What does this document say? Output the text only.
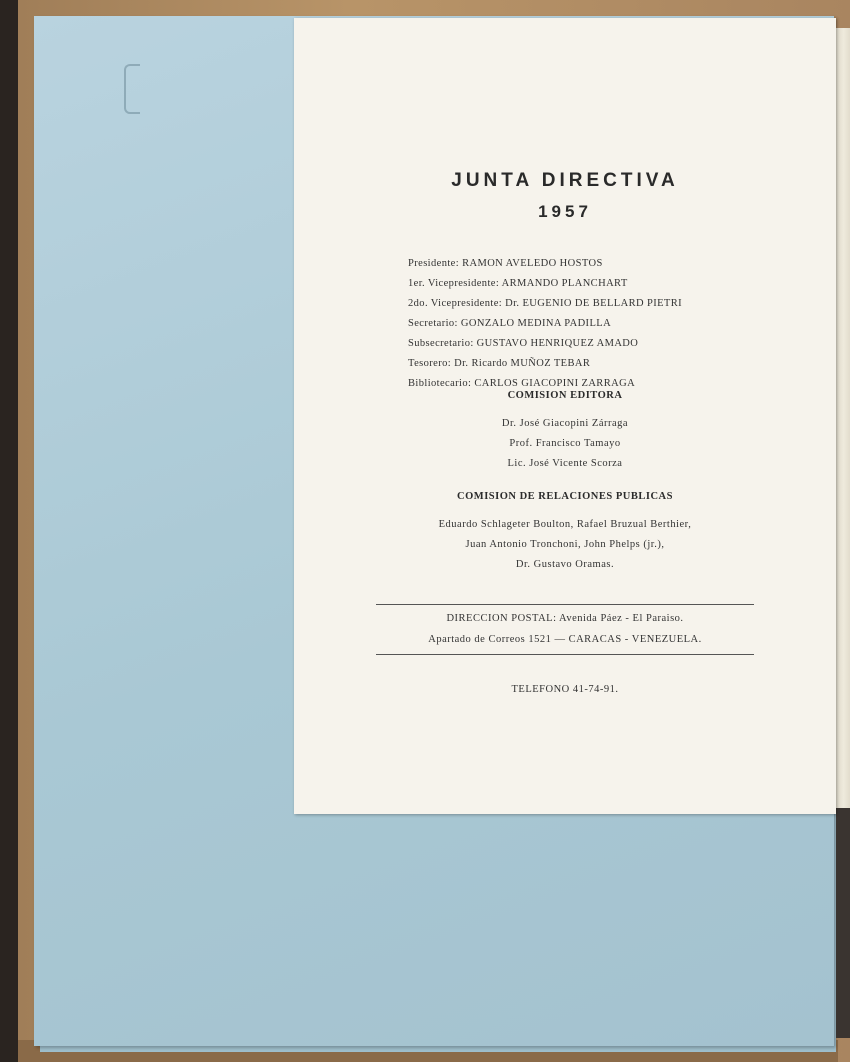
JUNTA DIRECTIVA
1957
Presidente: RAMON AVELEDO HOSTOS
1er. Vicepresidente: ARMANDO PLANCHART
2do. Vicepresidente: Dr. EUGENIO DE BELLARD PIETRI
Secretario: GONZALO MEDINA PADILLA
Subsecretario: GUSTAVO HENRIQUEZ AMADO
Tesorero: Dr. Ricardo MUÑOZ TEBAR
Bibliotecario: CARLOS GIACOPINI ZARRAGA
COMISION EDITORA
Dr. José Giacopini Zárraga
Prof. Francisco Tamayo
Lic. José Vicente Scorza
COMISION DE RELACIONES PUBLICAS
Eduardo Schlageter Boulton, Rafael Bruzual Berthier,
Juan Antonio Tronchoni, John Phelps (jr.),
Dr. Gustavo Oramas.
DIRECCION POSTAL: Avenida Páez - El Paraiso.
Apartado de Correos 1521 — CARACAS - VENEZUELA.
TELEFONO 41-74-91.
